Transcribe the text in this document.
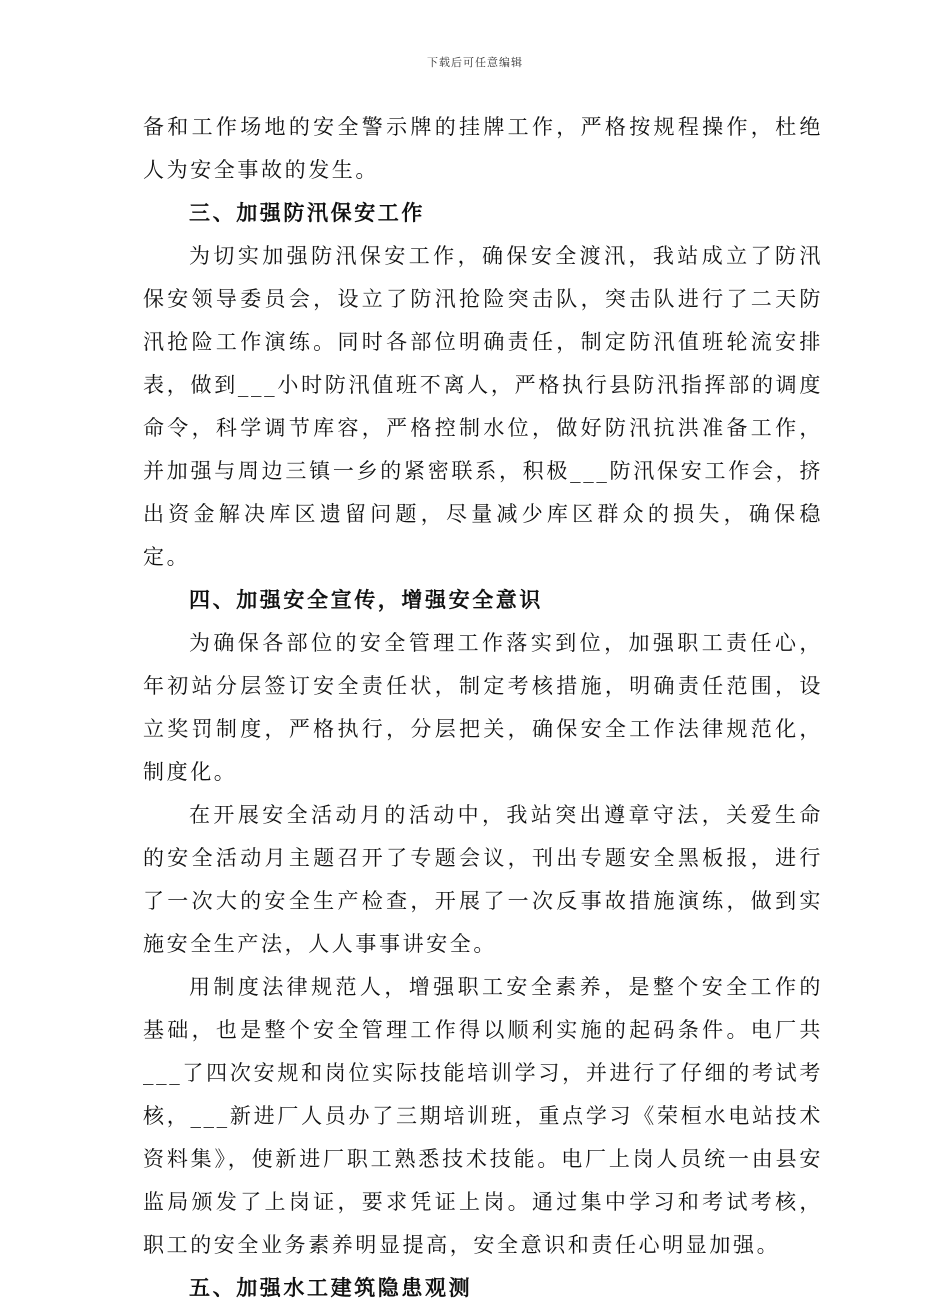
下载后可任意编辑

备和工作场地的安全警示牌的挂牌工作，严格按规程操作，杜绝人为安全事故的发生。

三、加强防汛保安工作

为切实加强防汛保安工作，确保安全渡汛，我站成立了防汛保安领导委员会，设立了防汛抢险突击队，突击队进行了二天防汛抢险工作演练。同时各部位明确责任，制定防汛值班轮流安排表，做到___小时防汛值班不离人，严格执行县防汛指挥部的调度命令，科学调节库容，严格控制水位，做好防汛抗洪准备工作，并加强与周边三镇一乡的紧密联系，积极___防汛保安工作会，挤出资金解决库区遗留问题，尽量减少库区群众的损失，确保稳定。

四、加强安全宣传，增强安全意识

为确保各部位的安全管理工作落实到位，加强职工责任心，年初站分层签订安全责任状，制定考核措施，明确责任范围，设立奖罚制度，严格执行，分层把关，确保安全工作法律规范化，制度化。

在开展安全活动月的活动中，我站突出遵章守法，关爱生命的安全活动月主题召开了专题会议，刊出专题安全黑板报，进行了一次大的安全生产检查，开展了一次反事故措施演练，做到实施安全生产法，人人事事讲安全。

用制度法律规范人，增强职工安全素养，是整个安全工作的基础，也是整个安全管理工作得以顺利实施的起码条件。电厂共___了四次安规和岗位实际技能培训学习，并进行了仔细的考试考核，___新进厂人员办了三期培训班，重点学习《荣桓水电站技术资料集》，使新进厂职工熟悉技术技能。电厂上岗人员统一由县安监局颁发了上岗证，要求凭证上岗。通过集中学习和考试考核，职工的安全业务素养明显提高，安全意识和责任心明显加强。

五、加强水工建筑隐患观测
